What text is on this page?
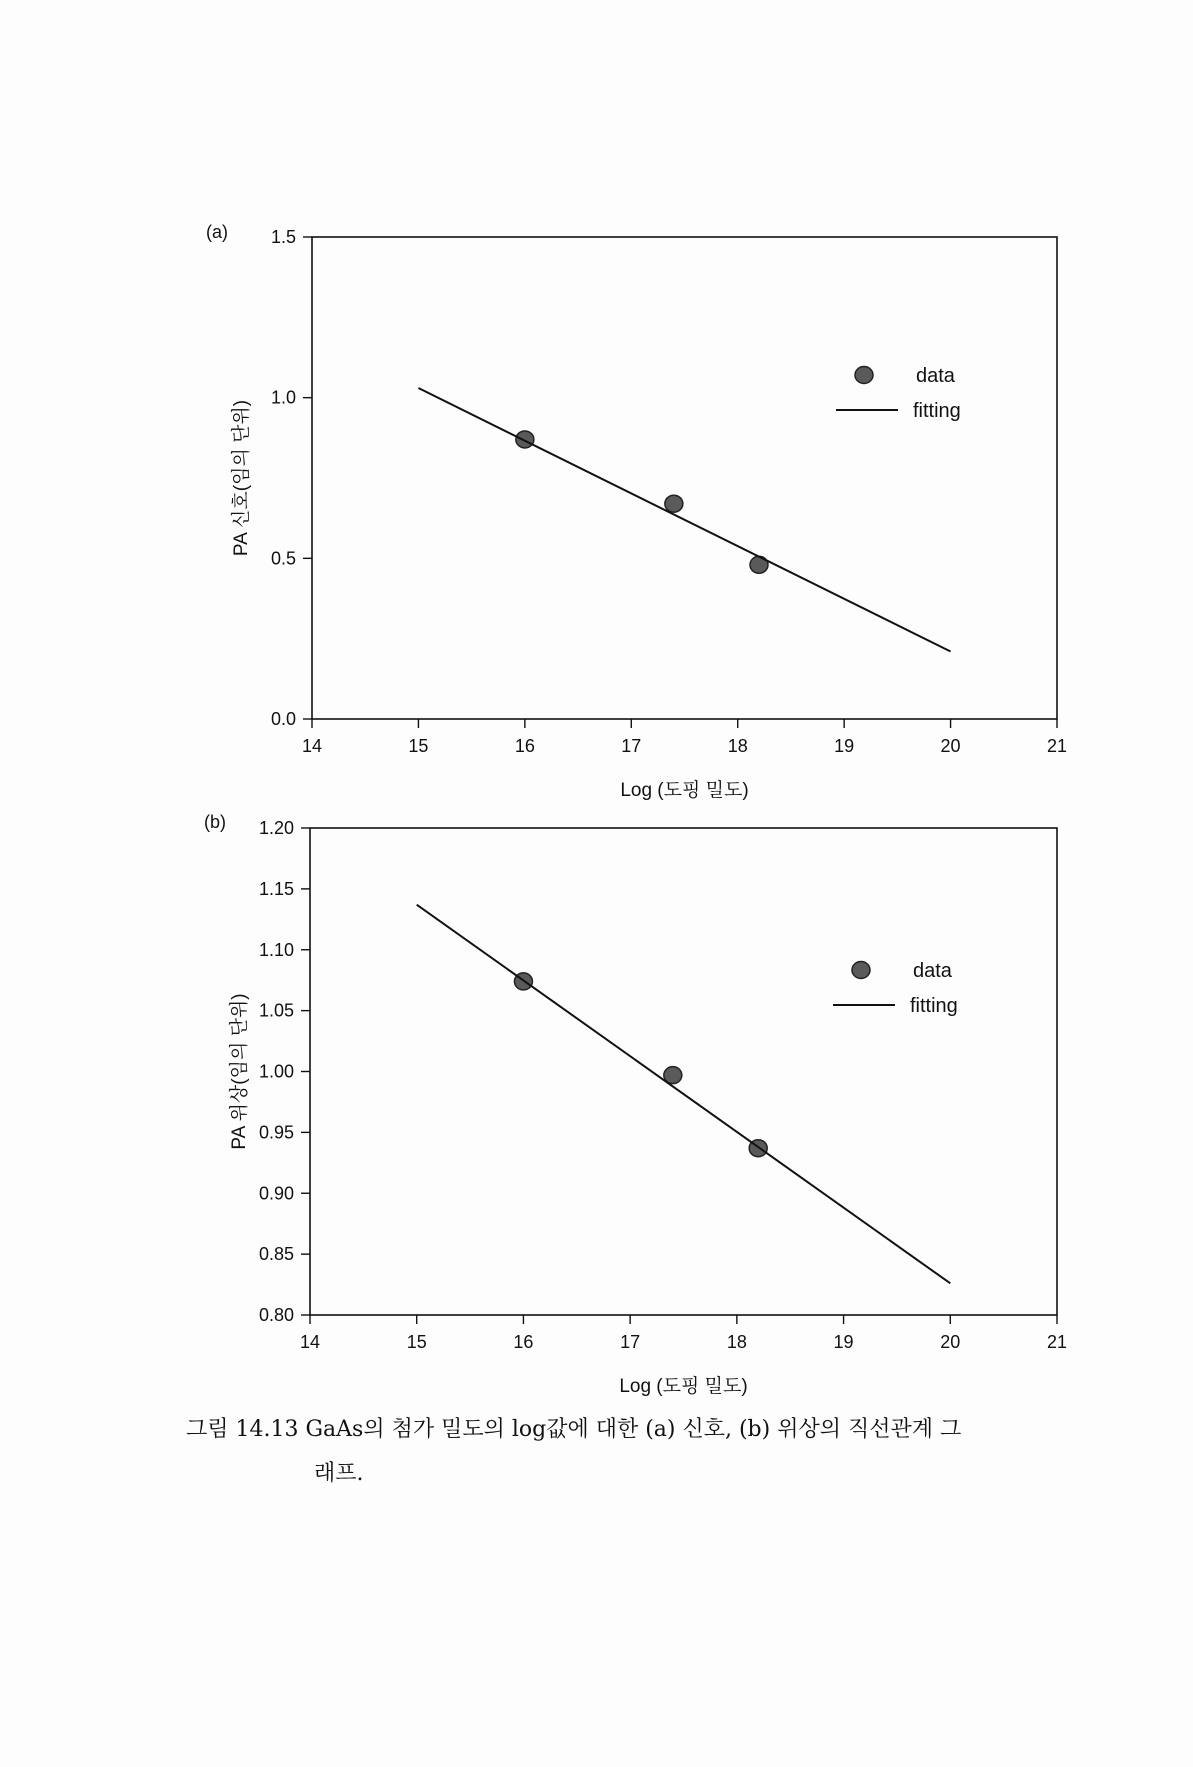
(a)
(b)
14	15	16	17	18	19	20	21
0.0
0.5
1.0
1.5
Log (도핑 밀도)
PA 신호(임의 단위)
data
fitting
14	15	16	17	18	19	20	21
0.80
0.85
0.90
0.95
1.00
1.05
1.10
1.15
1.20
Log (도핑 밀도)
PA 위상(임의 단위)
data
fitting
그림 14.13 GaAs의 첨가 밀도의 log값에 대한 (a) 신호, (b) 위상의 직선관계 그
래프.
